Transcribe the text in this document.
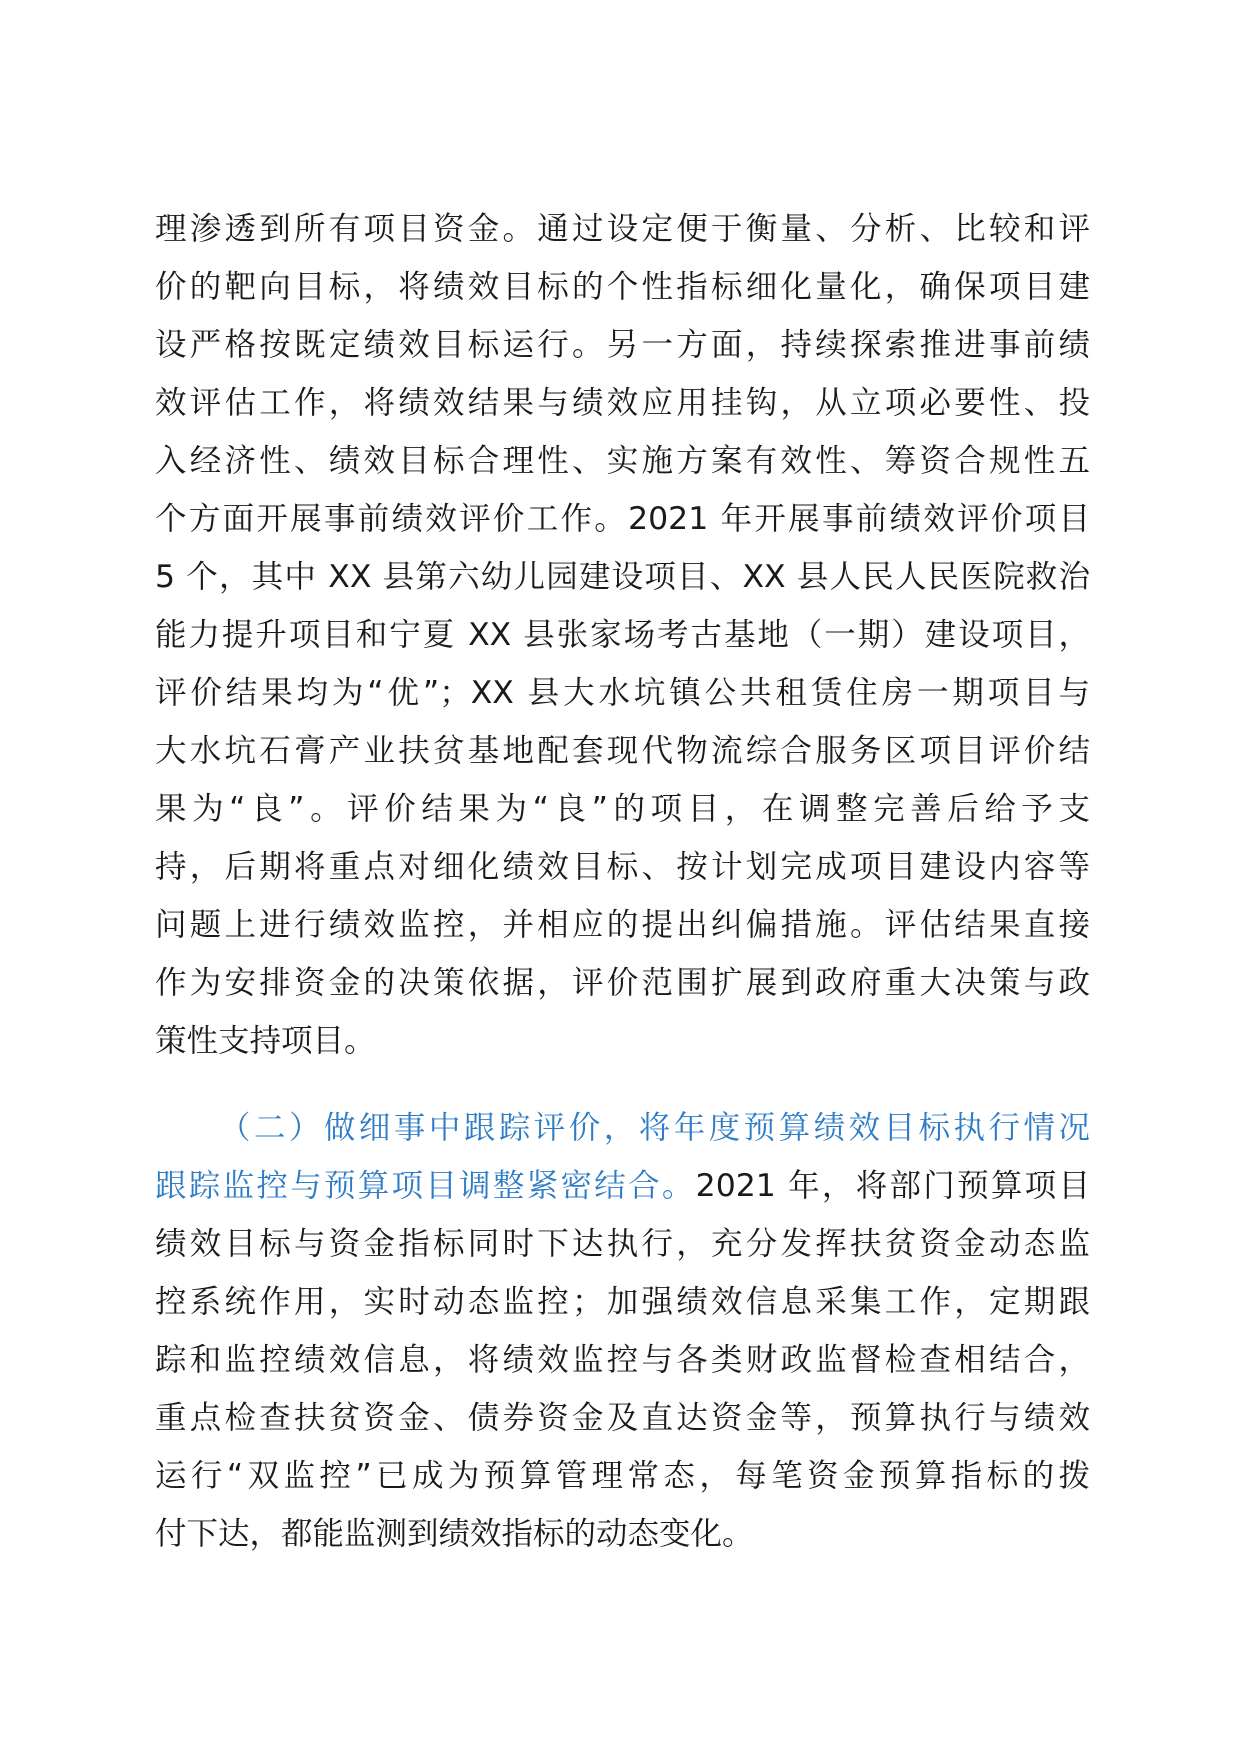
理渗透到所有项目资金。通过设定便于衡量、分析、比较和评
价的靶向目标，将绩效目标的个性指标细化量化，确保项目建
设严格按既定绩效目标运行。另一方面，持续探索推进事前绩
效评估工作，将绩效结果与绩效应用挂钩，从立项必要性、投
入经济性、绩效目标合理性、实施方案有效性、筹资合规性五
个方面开展事前绩效评价工作。2021 年开展事前绩效评价项目
5 个，其中 XX 县第六幼儿园建设项目、XX 县人民人民医院救治
能力提升项目和宁夏 XX 县张家场考古基地（一期）建设项目，
评价结果均为“优”；XX 县大水坑镇公共租赁住房一期项目与
大水坑石膏产业扶贫基地配套现代物流综合服务区项目评价结
果为“良”。评价结果为“良”的项目，在调整完善后给予支
持，后期将重点对细化绩效目标、按计划完成项目建设内容等
问题上进行绩效监控，并相应的提出纠偏措施。评估结果直接
作为安排资金的决策依据，评价范围扩展到政府重大决策与政
策性支持项目。
（二）做细事中跟踪评价，将年度预算绩效目标执行情况
跟踪监控与预算项目调整紧密结合。2021 年，将部门预算项目
绩效目标与资金指标同时下达执行，充分发挥扶贫资金动态监
控系统作用，实时动态监控；加强绩效信息采集工作，定期跟
踪和监控绩效信息，将绩效监控与各类财政监督检查相结合，
重点检查扶贫资金、债券资金及直达资金等，预算执行与绩效
运行“双监控”已成为预算管理常态，每笔资金预算指标的拨
付下达，都能监测到绩效指标的动态变化。
